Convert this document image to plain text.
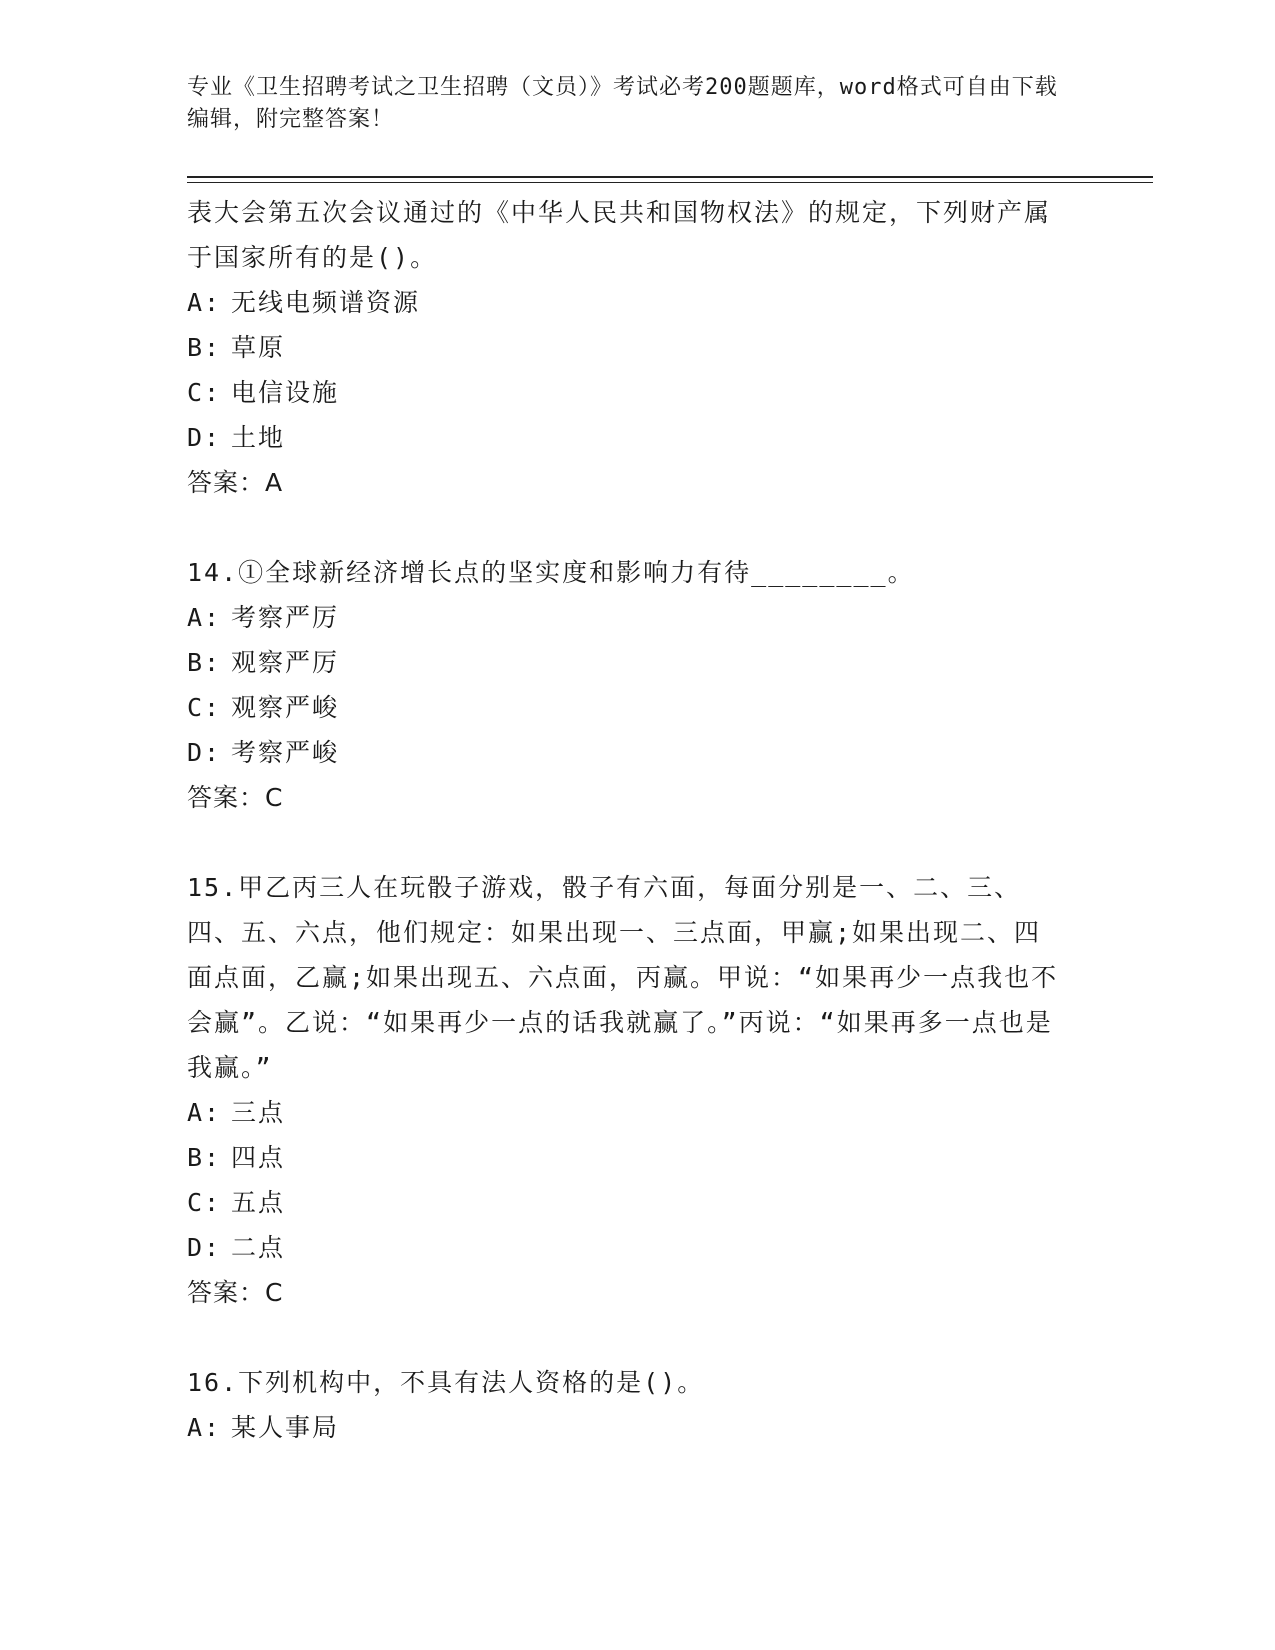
专业《卫生招聘考试之卫生招聘（文员）》考试必考200题题库，word格式可自由下载编辑，附完整答案！
表大会第五次会议通过的《中华人民共和国物权法》的规定，下列财产属于国家所有的是()。
A: 无线电频谱资源
B: 草原
C: 电信设施
D: 土地
答案：A
14.①全球新经济增长点的坚实度和影响力有待________。
A: 考察严厉
B: 观察严厉
C: 观察严峻
D: 考察严峻
答案：C
15.甲乙丙三人在玩骰子游戏，骰子有六面，每面分别是一、二、三、四、五、六点，他们规定：如果出现一、三点面，甲赢;如果出现二、四面点面，乙赢;如果出现五、六点面，丙赢。甲说：“如果再少一点我也不会赢”。乙说：“如果再少一点的话我就赢了。”丙说：“如果再多一点也是我赢。”
A: 三点
B: 四点
C: 五点
D: 二点
答案：C
16.下列机构中，不具有法人资格的是()。
A: 某人事局
